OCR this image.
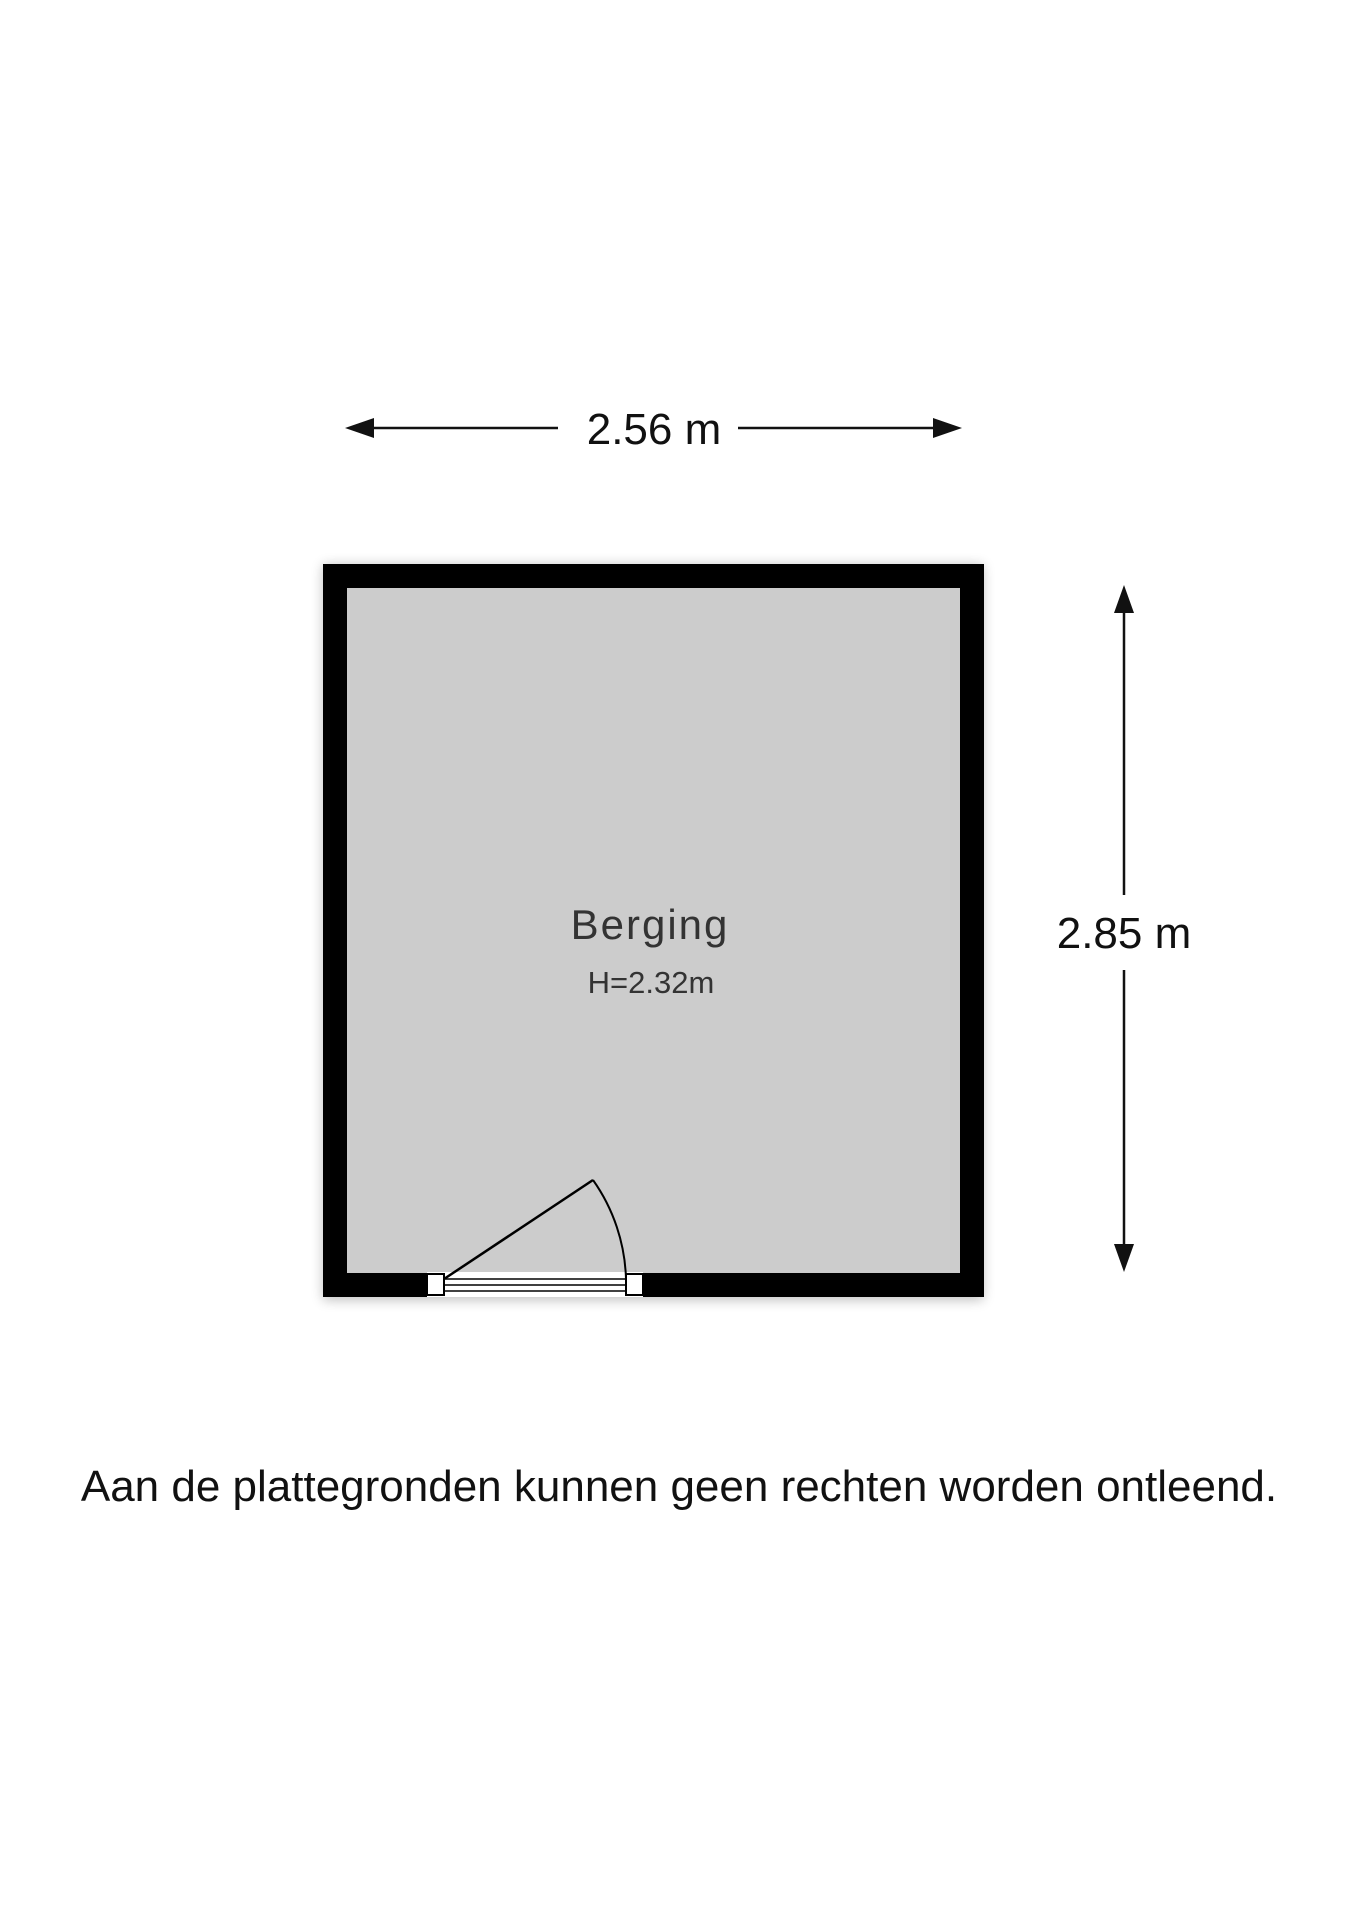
2.56 m
2.85 m
Berging
H=2.32m
Aan de plattegronden kunnen geen rechten worden ontleend.
